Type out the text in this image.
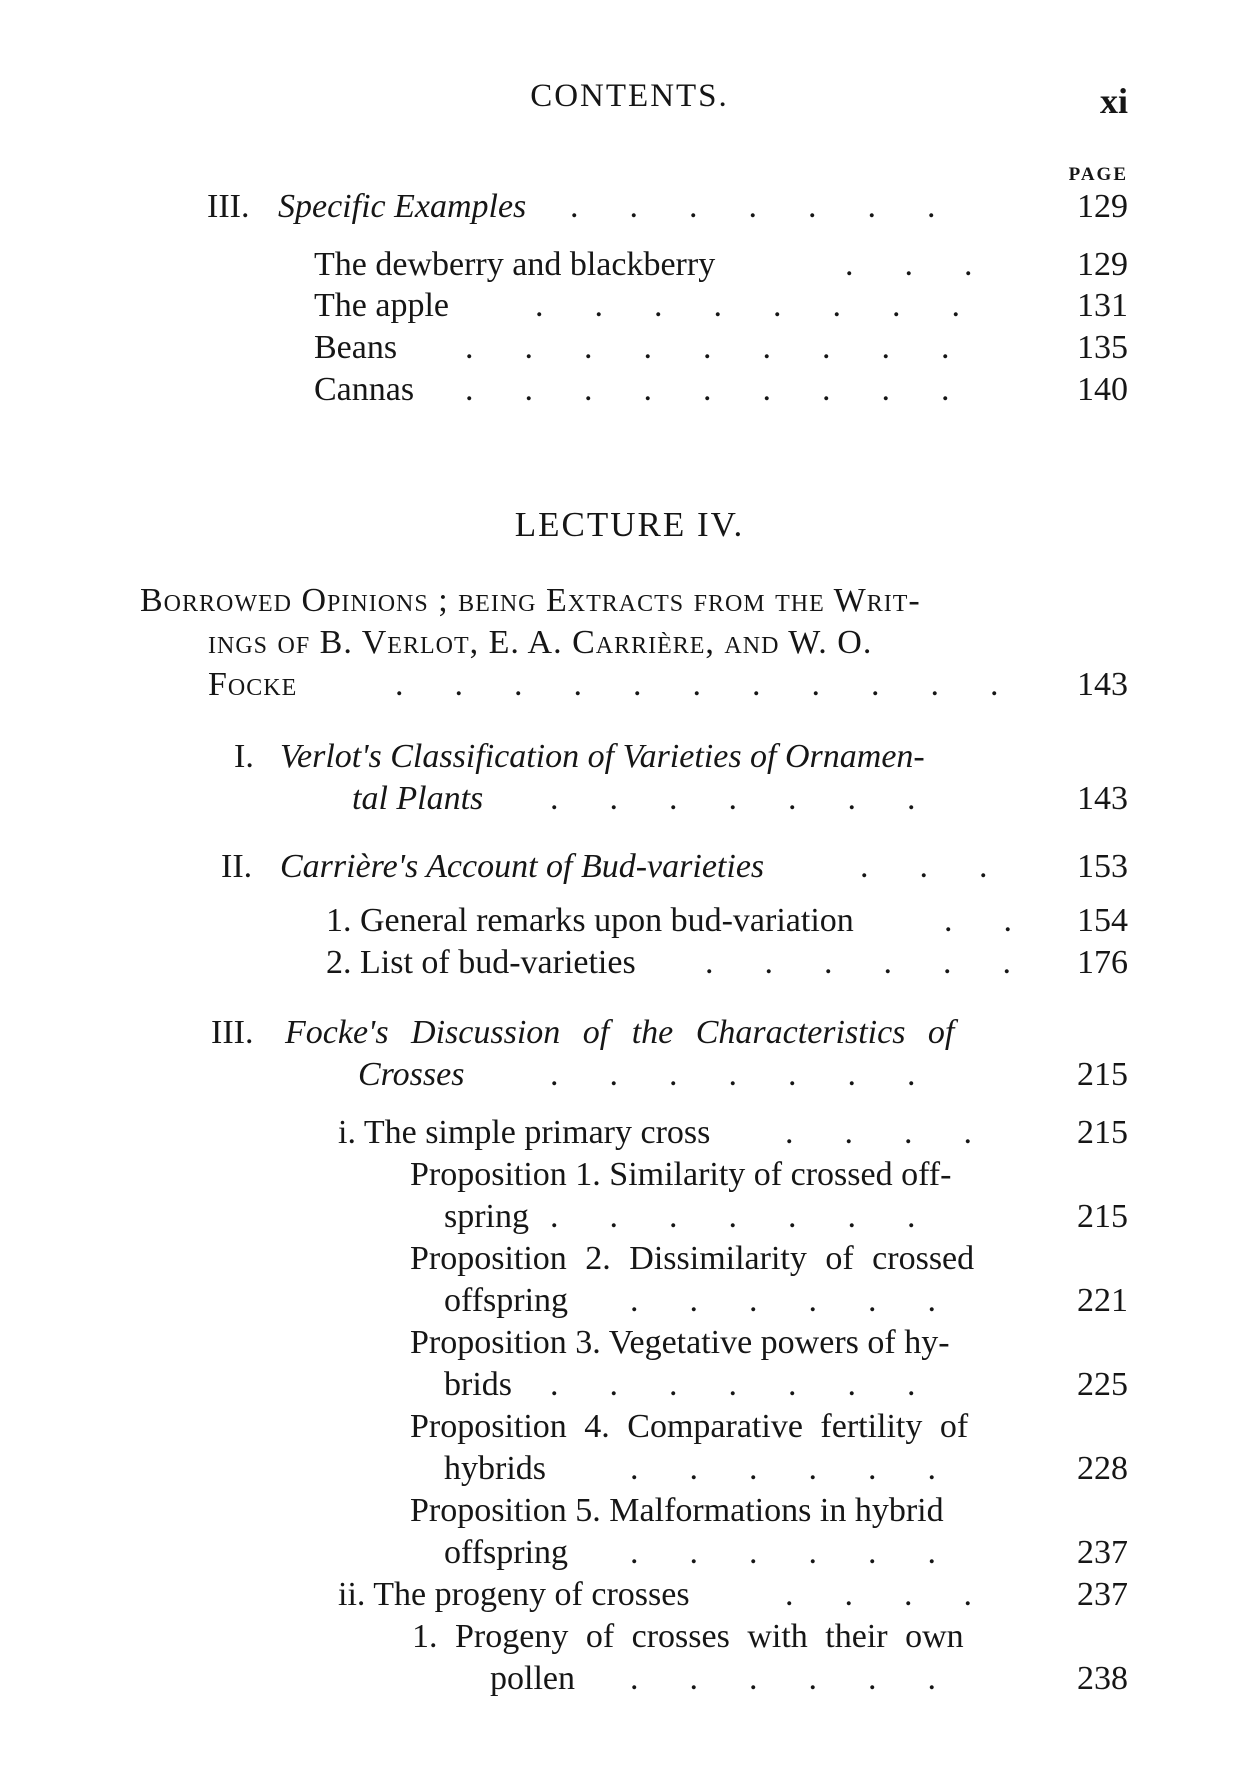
CONTENTS.	xi
PAGE
III. Specific Examples .      .      .      .      .      .      .	129
The dewberry and blackberry	.      .      .	129
The apple	.      .      .      .      .      .      .      .	131
Beans .      .      .      .      .      .      .      .      .	135
Cannas .      .      .      .      .      .      .      .      .	140
LECTURE IV.
Borrowed Opinions ; being Extracts from the Writ-
ings of B. Verlot, E. A. Carrière, and W. O.
Focke	.      .      .      .      .      .      .      .      .      .      .	143
I. Verlot's Classification of Varieties of Ornamen-
tal Plants .      .      .      .      .      .      .	143
II. Carrière's Account of Bud-varieties	.      .      .	153
1. General remarks upon bud-variation	.      .	154
2. List of bud-varieties .      .      .      .      .      .	176
III. Focke's Discussion of the Characteristics of
Crosses	.      .      .      .      .      .      .	215
i. The simple primary cross .      .      .      .	215
Proposition 1. Similarity of crossed off-
spring .      .      .      .      .      .      .	215
Proposition 2. Dissimilarity of crossed
offspring .      .      .      .      .      .	221
Proposition 3. Vegetative powers of hy-
brids .      .      .      .      .      .      .	225
Proposition 4. Comparative fertility of
hybrids .      .      .      .      .      .	228
Proposition 5. Malformations in hybrid
offspring .      .      .      .      .      .	237
ii. The progeny of crosses	.      .      .      .	237
1. Progeny of crosses with their own
pollen .      .      .      .      .      .	238
